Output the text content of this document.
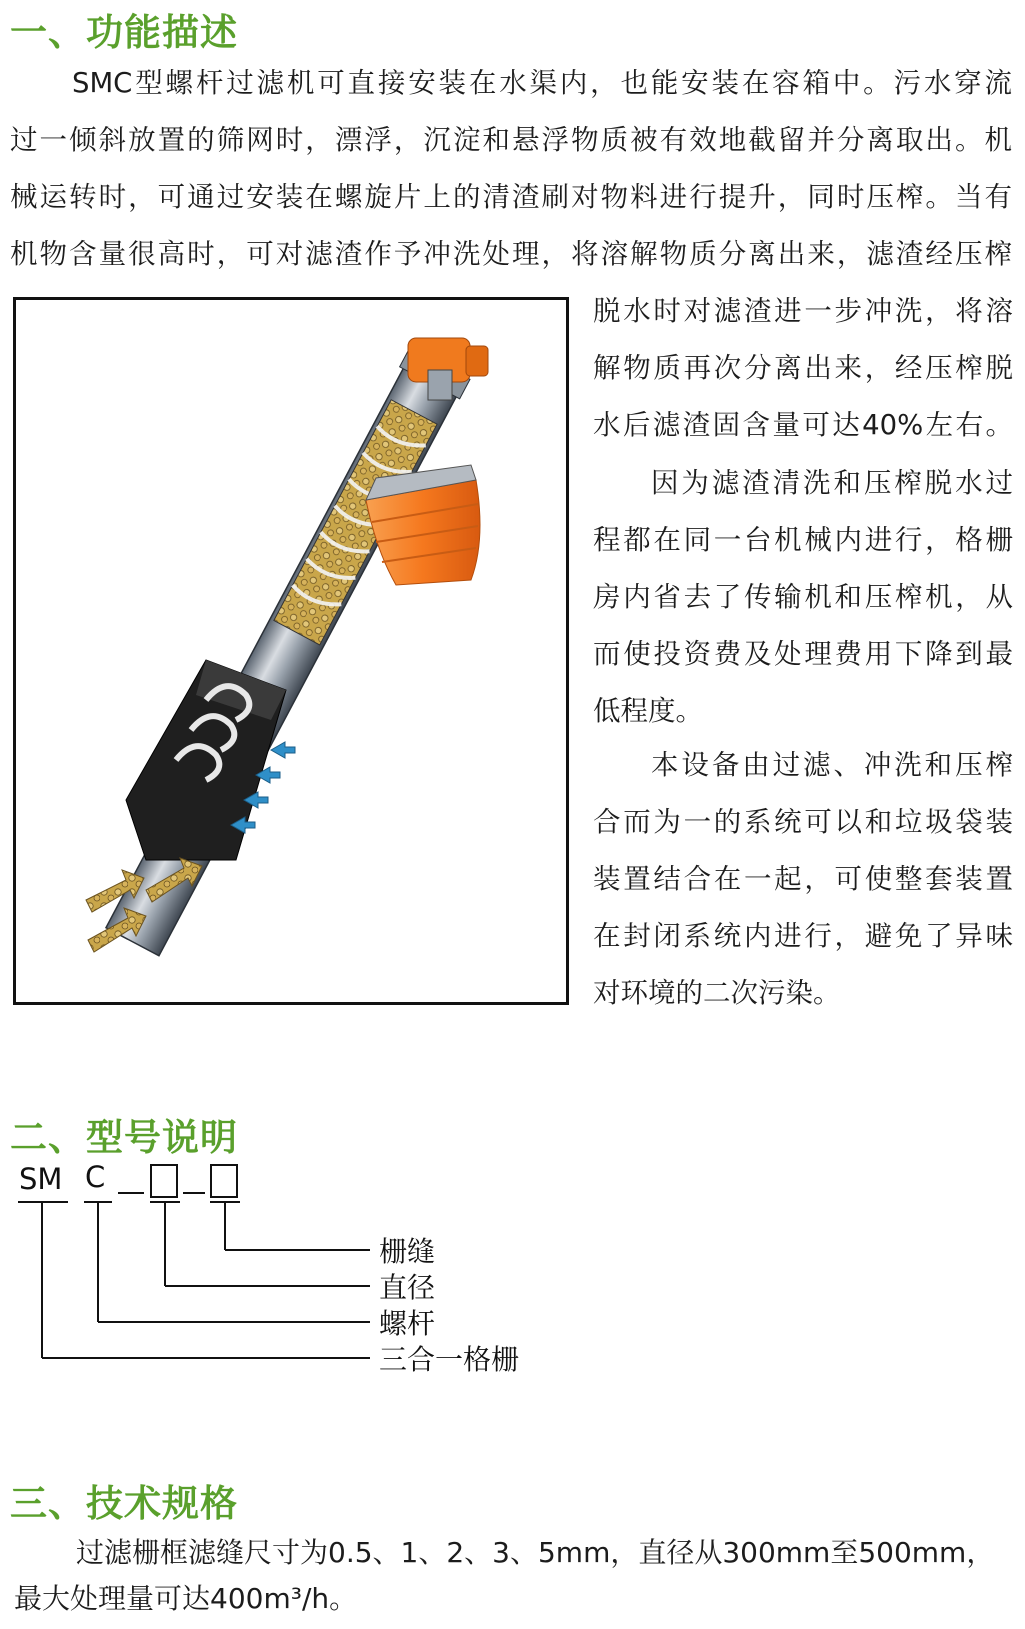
一、功能描述
SMC型螺杆过滤机可直接安装在水渠内，也能安装在容箱中。污水穿流
过一倾斜放置的筛网时，漂浮，沉淀和悬浮物质被有效地截留并分离取出。机
械运转时，可通过安装在螺旋片上的清渣刷对物料进行提升，同时压榨。当有
机物含量很高时，可对滤渣作予冲洗处理，将溶解物质分离出来，滤渣经压榨
脱水时对滤渣进一步冲洗，将溶
解物质再次分离出来，经压榨脱
水后滤渣固含量可达40%左右。
因为滤渣清洗和压榨脱水过
程都在同一台机械内进行，格栅
房内省去了传输机和压榨机，从
而使投资费及处理费用下降到最
低程度。
本设备由过滤、冲洗和压榨
合而为一的系统可以和垃圾袋装
装置结合在一起，可使整套装置
在封闭系统内进行，避免了异味
对环境的二次污染。
二、型号说明
SM C
栅缝
直径
螺杆
三合一格栅
三、技术规格

过滤栅框滤缝尺寸为0.5、1、2、3、5mm，直径从300mm至500mm，

最大处理量可达400m³/h。
